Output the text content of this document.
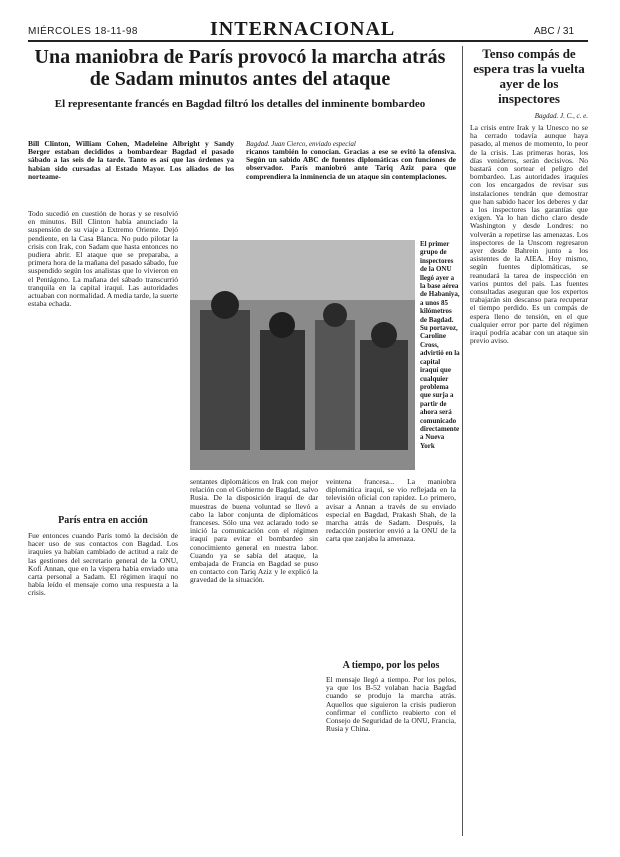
MIÉRCOLES 18-11-98	INTERNACIONAL	ABC / 31
Una maniobra de París provocó la marcha atrás de Sadam minutos antes del ataque
El representante francés en Bagdad filtró los detalles del inminente bombardeo
Bill Clinton, William Cohen, Madeleine Albright y Sandy Berger estaban decididos a bombardear Bagdad el pasado sábado a las seis de la tarde. Tanto es así que las órdenes ya habían sido cursadas al Estado Mayor. Los aliados de los norteame-
Bagdad. Juan Cierco, enviado especial
ricanos también lo conocían. Gracias a ese se evitó la ofensiva. Según un sabido ABC de fuentes diplomáticas con funciones de observador. París maniobró ante Tariq Aziz para que comprendiera la inminencia de un ataque sin contemplaciones.
Todo sucedió en cuestión de horas y se resolvió en minutos. Bill Clinton había anunciado la suspensión de su viaje a Extremo Oriente. Dejó pendiente, en la Casa Blanca. No pudo pilotar la crisis con Irak, con Sadam que hasta entonces no pudiera abrir. El ataque que se preparaba, a primera hora de la mañana del pasado sábado, fue suspendido según los analistas que lo vivieron en el Pentágono. La mañana del sábado transcurrió tranquila en la capital iraquí. Las autoridades actuaban con normalidad. A media tarde, la suerte estaba echada.
París entra en acción
Fue entonces cuando París tomó la decisión de hacer uso de sus contactos con Bagdad. Los iraquíes ya habían cambiado de actitud a raíz de las gestiones del secretario general de la ONU, Kofi Annan, que en la víspera había enviado una carta personal a Sadam. El régimen iraquí no había leído el mensaje como una respuesta a la crisis.
El primer grupo de inspectores de la ONU llegó ayer a la base aérea de Habaniya, a unos 85 kilómetros de Bagdad. Su portavoz, Caroline Cross, advirtió en la capital iraquí que cualquier problema que surja a partir de ahora será comunicado directamente a Nueva York
sentantes diplomáticos en Irak con mejor relación con el Gobierno de Bagdad, salvo Rusia. De la disposición iraquí de dar muestras de buena voluntad se llevó a cabo la labor conjunta de diplomáticos franceses. Sólo una vez aclarado todo se inició la comunicación con el régimen iraquí para evitar el bombardeo sin conocimiento general en nuestra labor. Cuando ya se sabía del ataque, la embajada de Francia en Bagdad se puso en contacto con Tariq Aziz y le explicó la gravedad de la situación.
veintena francesa... La maniobra diplomática iraquí, se vio reflejada en la televisión oficial con rapidez. Lo primero, avisar a Annan a través de su enviado especial en Bagdad, Prakash Shah, de la marcha atrás de Sadam. Después, la redacción posterior envió a la ONU de la carta que zanjaba la amenaza.
A tiempo, por los pelos
El mensaje llegó a tiempo. Por los pelos, ya que los B-52 volaban hacia Bagdad cuando se produjo la marcha atrás. Aquellos que siguieron la crisis pudieron confirmar el conflicto reabierto con el Consejo de Seguridad de la ONU, Francia, Rusia y China.
Tenso compás de espera tras la vuelta ayer de los inspectores
Bagdad. J. C., c. e.
La crisis entre Irak y la Unesco no se ha cerrado todavía aunque haya pasado, al menos de momento, lo peor de la crisis. Las primeras horas, los días venideros, serán decisivos. No bastará con sortear el peligro del bombardeo. Las autoridades iraquíes con los encargados de revisar sus instalaciones tendrán que demostrar que han sabido hacer los deberes y dar a los inspectores las garantías que exigen. Ya lo han dicho claro desde Washington y desde Londres: no volverán a repetirse las amenazas. Los inspectores de la Unscom regresaron ayer desde Bahrein junto a los asistentes de la AIEA. Hoy mismo, según fuentes diplomáticas, se reanudará la tarea de inspección en varios puntos del país. Las fuentes consultadas aseguran que los expertos trabajarán sin descanso para recuperar el tiempo perdido. Es un compás de espera lleno de tensión, en el que cualquier error por parte del régimen iraquí podría acabar con un ataque sin previo aviso.
